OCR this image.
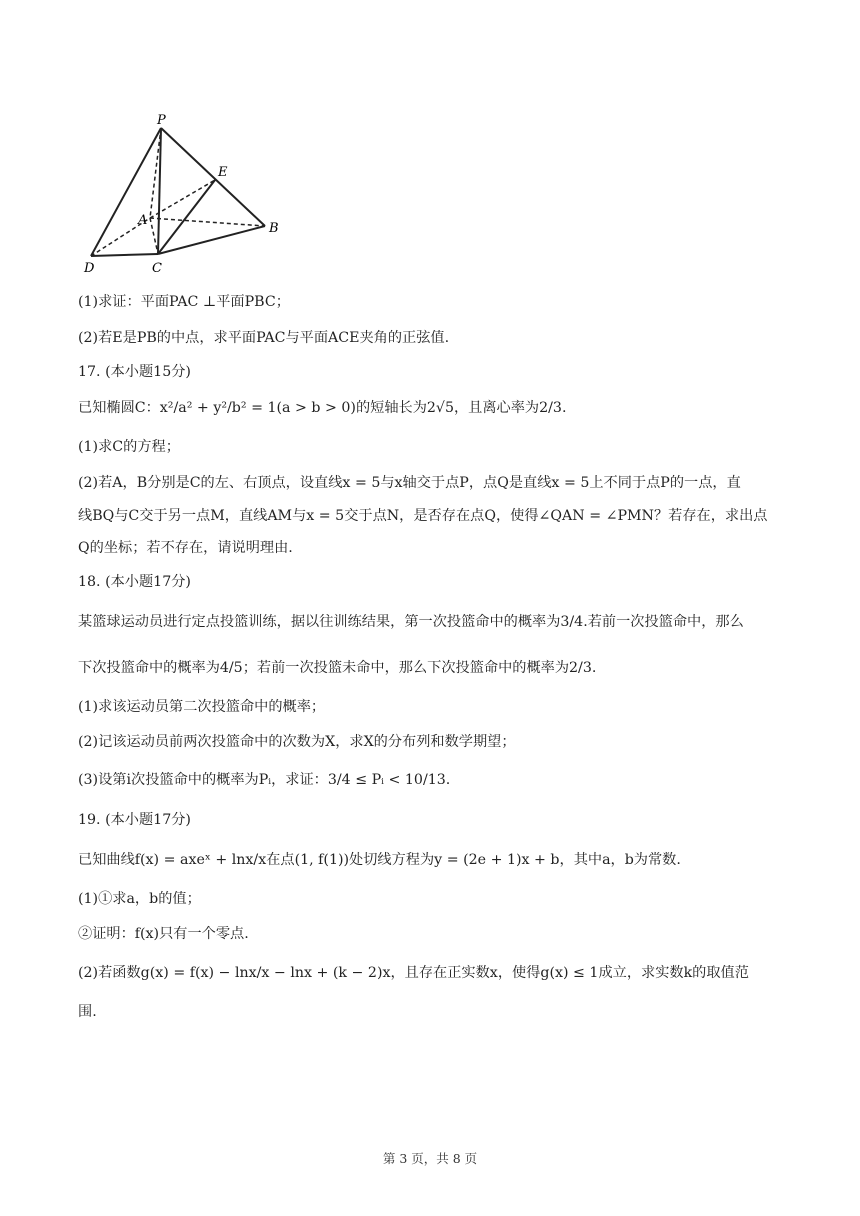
P
E
A
B
D	C
(1)求证：平面PAC ⊥平面PBC；
(2)若E是PB的中点，求平面PAC与平面ACE夹角的正弦值.
17. (本小题15分)
已知椭圆C：x²/a² + y²/b² = 1(a > b > 0)的短轴长为2√5，且离心率为2/3.
(1)求C的方程；
(2)若A，B分别是C的左、右顶点，设直线x = 5与x轴交于点P，点Q是直线x = 5上不同于点P的一点，直
线BQ与C交于另一点M，直线AM与x = 5交于点N，是否存在点Q，使得∠QAN = ∠PMN？若存在，求出点
Q的坐标；若不存在，请说明理由.
18. (本小题17分)
某篮球运动员进行定点投篮训练，据以往训练结果，第一次投篮命中的概率为3/4.若前一次投篮命中，那么
下次投篮命中的概率为4/5；若前一次投篮未命中，那么下次投篮命中的概率为2/3.
(1)求该运动员第二次投篮命中的概率；
(2)记该运动员前两次投篮命中的次数为X，求X的分布列和数学期望；
(3)设第i次投篮命中的概率为Pᵢ，求证：3/4 ≤ Pᵢ < 10/13.
19. (本小题17分)
已知曲线f(x) = axeˣ + lnx/x在点(1, f(1))处切线方程为y = (2e + 1)x + b，其中a，b为常数.
(1)①求a，b的值；
②证明：f(x)只有一个零点.
(2)若函数g(x) = f(x) − lnx/x − lnx + (k − 2)x，且存在正实数x，使得g(x) ≤ 1成立，求实数k的取值范
围.
第 3 页，共 8 页
